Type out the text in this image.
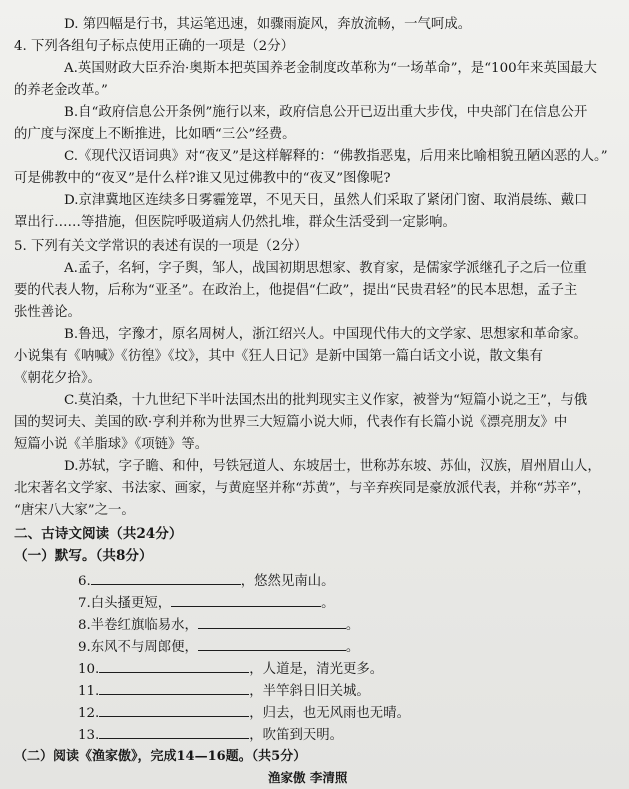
D. 第四幅是行书，其运笔迅速，如骤雨旋风，奔放流畅，一气呵成。
4. 下列各组句子标点使用正确的一项是（2分）
A.英国财政大臣乔治·奥斯本把英国养老金制度改革称为“一场革命”，是“100年来英国最大
的养老金改革。”
B.自“政府信息公开条例”施行以来，政府信息公开已迈出重大步伐，中央部门在信息公开
的广度与深度上不断推进，比如晒“三公”经费。
C.《现代汉语词典》对“夜叉”是这样解释的：“佛教指恶鬼，后用来比喻相貌丑陋凶恶的人。”
可是佛教中的“夜叉”是什么样?谁又见过佛教中的“夜叉”图像呢?
D.京津冀地区连续多日雾霾笼罩，不见天日，虽然人们采取了紧闭门窗、取消晨练、戴口
罩出行……等措施，但医院呼吸道病人仍然扎堆，群众生活受到一定影响。
5. 下列有关文学常识的表述有误的一项是（2分）
A.孟子，名轲，字子舆，邹人，战国初期思想家、教育家，是儒家学派继孔子之后一位重
要的代表人物，后称为“亚圣”。在政治上，他提倡“仁政”，提出“民贵君轻”的民本思想，孟子主
张性善论。
B.鲁迅，字豫才，原名周树人，浙江绍兴人。中国现代伟大的文学家、思想家和革命家。
小说集有《呐喊》《彷徨》《坟》，其中《狂人日记》是新中国第一篇白话文小说，散文集有
《朝花夕拾》。
C.莫泊桑，十九世纪下半叶法国杰出的批判现实主义作家，被誉为“短篇小说之王”，与俄
国的契诃夫、美国的欧·亨利并称为世界三大短篇小说大师，代表作有长篇小说《漂亮朋友》中
短篇小说《羊脂球》《项链》等。
D.苏轼，字子瞻、和仲，号铁冠道人、东坡居士，世称苏东坡、苏仙，汉族，眉州眉山人，
北宋著名文学家、书法家、画家，与黄庭坚并称“苏黄”，与辛弃疾同是豪放派代表，并称“苏辛”，
“唐宋八大家”之一。
二、古诗文阅读（共24分）
（一）默写。（共8分）
6.	，悠然见南山。
7.白头搔更短，	。
8.半卷红旗临易水，	。
9.东风不与周郎便，	。
10.	，人道是，清光更多。
11.	，半竿斜日旧关城。
12.	，归去，也无风雨也无晴。
13.	，吹笛到天明。
（二）阅读《渔家傲》，完成14—16题。（共5分）
渔家傲 李清照
